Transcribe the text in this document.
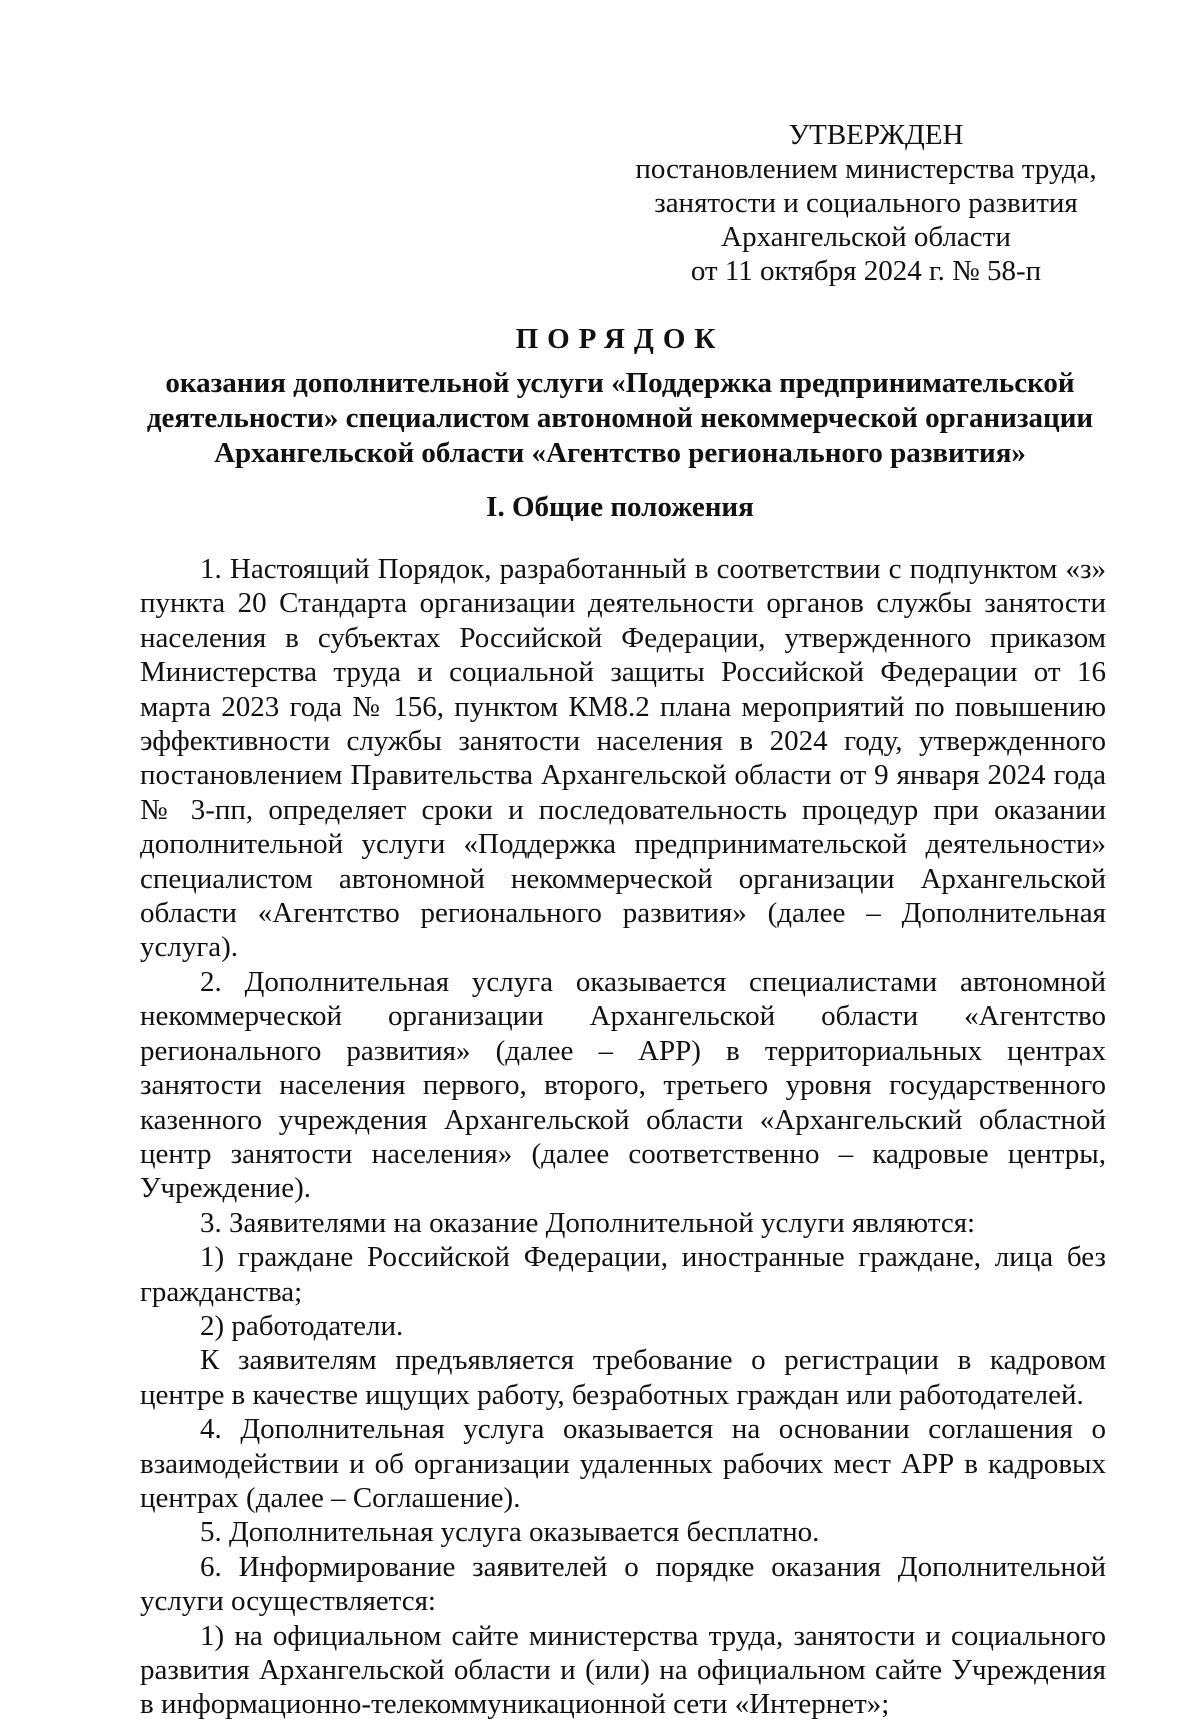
УТВЕРЖДЕН
постановлением министерства труда,
занятости и социального развития
Архангельской области
от 11 октября 2024 г. № 58-п
ПОРЯДОК
оказания дополнительной услуги «Поддержка предпринимательской деятельности» специалистом автономной некоммерческой организации Архангельской области «Агентство регионального развития»
I. Общие положения

1. Настоящий Порядок, разработанный в соответствии с подпунктом «з» пункта 20 Стандарта организации деятельности органов службы занятости населения в субъектах Российской Федерации, утвержденного приказом Министерства труда и социальной защиты Российской Федерации от 16 марта 2023 года № 156, пунктом КМ8.2 плана мероприятий по повышению эффективности службы занятости населения в 2024 году, утвержденного постановлением Правительства Архангельской области от 9 января 2024 года № 3-пп, определяет сроки и последовательность процедур при оказании дополнительной услуги «Поддержка предпринимательской деятельности» специалистом автономной некоммерческой организации Архангельской области «Агентство регионального развития» (далее – Дополнительная услуга).

2. Дополнительная услуга оказывается специалистами автономной некоммерческой организации Архангельской области «Агентство регионального развития» (далее – АРР) в территориальных центрах занятости населения первого, второго, третьего уровня государственного казенного учреждения Архангельской области «Архангельский областной центр занятости населения» (далее соответственно – кадровые центры, Учреждение).

3. Заявителями на оказание Дополнительной услуги являются:

1) граждане Российской Федерации, иностранные граждане, лица без гражданства;

2) работодатели.

К заявителям предъявляется требование о регистрации в кадровом центре в качестве ищущих работу, безработных граждан или работодателей.

4. Дополнительная услуга оказывается на основании соглашения о взаимодействии и об организации удаленных рабочих мест АРР в кадровых центрах (далее – Соглашение).

5. Дополнительная услуга оказывается бесплатно.

6. Информирование заявителей о порядке оказания Дополнительной услуги осуществляется:

1) на официальном сайте министерства труда, занятости и социального развития Архангельской области и (или) на официальном сайте Учреждения в информационно-телекоммуникационной сети «Интернет»;
